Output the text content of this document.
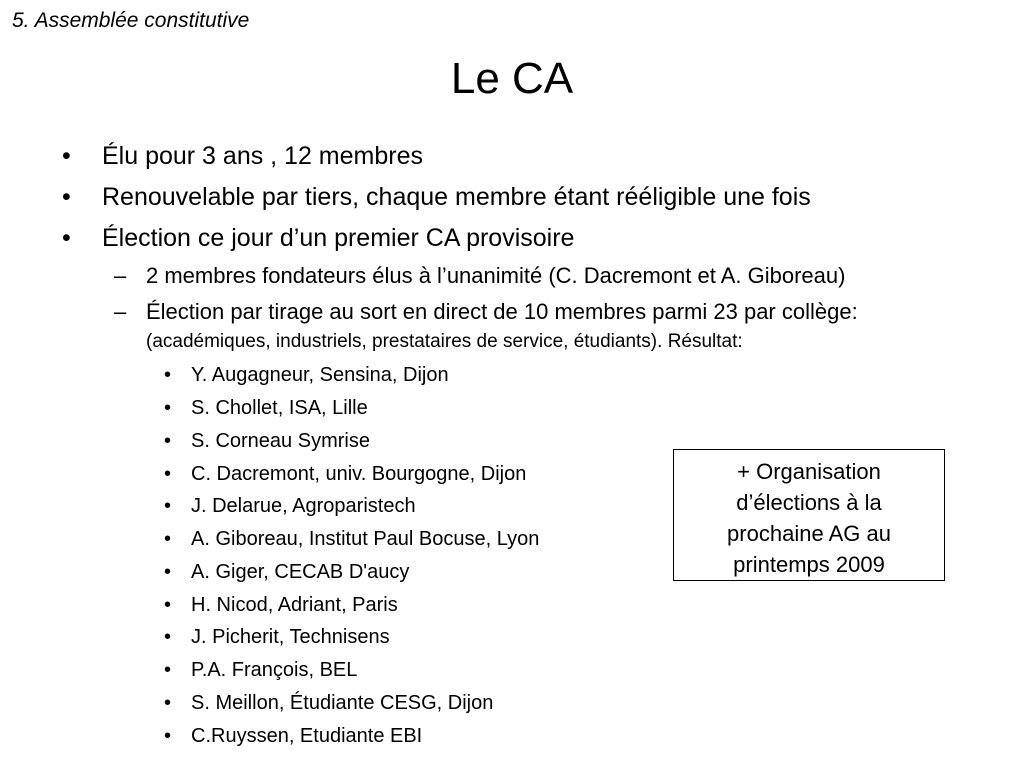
5. Assemblée constitutive
Le CA
• Élu pour 3 ans , 12 membres
• Renouvelable par tiers, chaque membre étant rééligible une fois
• Élection ce jour d’un premier CA provisoire
– 2 membres fondateurs élus à l’unanimité (C. Dacremont et A. Giboreau)
– Élection par tirage au sort en direct de 10 membres parmi 23 par collège:
(académiques, industriels, prestataires de service, étudiants). Résultat:
• Y. Augagneur, Sensina, Dijon
• S. Chollet, ISA, Lille
• S. Corneau Symrise
• C. Dacremont, univ. Bourgogne, Dijon
• J. Delarue, Agroparistech
• A. Giboreau, Institut Paul Bocuse, Lyon
• A. Giger, CECAB D'aucy
• H. Nicod, Adriant, Paris
• J. Picherit, Technisens
• P.A. François, BEL
• S. Meillon, Étudiante CESG, Dijon
• C.Ruyssen, Etudiante EBI
+ Organisation
d’élections à la
prochaine AG au
printemps 2009
